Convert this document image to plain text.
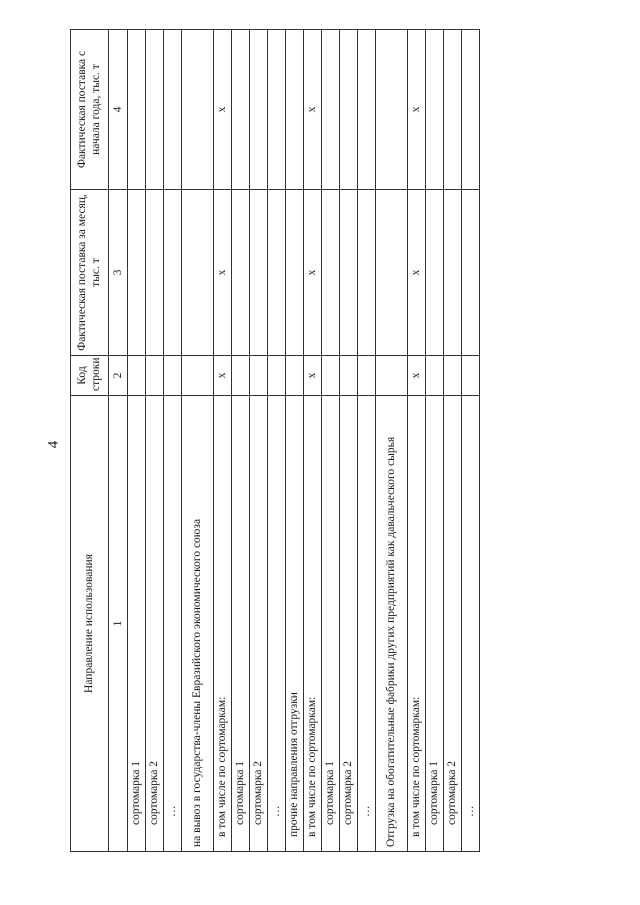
4
Направление использования	Код строки	Фактическая поставка за месяц, тыс. т	Фактическая поставка с начала года, тыс. т
1	2	3	4
сортомарка 1			
сортомарка 2			
…			
на вывоз в государства-члены Евразийского экономического союза			
в том числе по сортомаркам:	x	x	x
сортомарка 1			
сортомарка 2			
…			
прочие направления отгрузки			
в том числе по сортомаркам:	x	x	x
сортомарка 1			
сортомарка 2			
…			
Отгрузка на обогатительные фабрики других предприятий как давальческого сырья			
в том числе по сортомаркам:	x	x	x
сортомарка 1			
сортомарка 2			
…			
